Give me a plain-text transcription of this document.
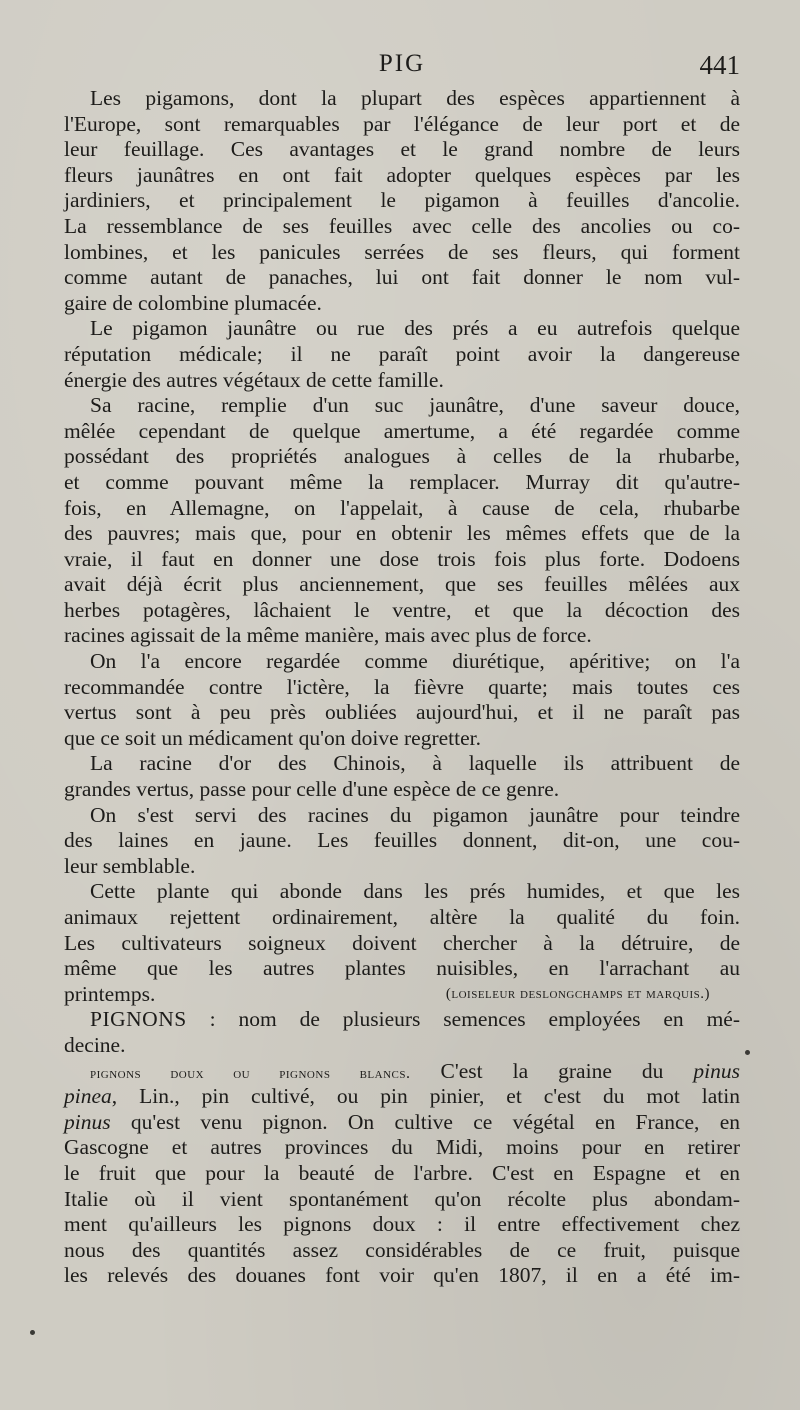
PIG	441
Les pigamons, dont la plupart des espèces appartiennent à
l'Europe, sont remarquables par l'élégance de leur port et de
leur feuillage. Ces avantages et le grand nombre de leurs
fleurs jaunâtres en ont fait adopter quelques espèces par les
jardiniers, et principalement le pigamon à feuilles d'ancolie.
La ressemblance de ses feuilles avec celle des ancolies ou co-
lombines, et les panicules serrées de ses fleurs, qui forment
comme autant de panaches, lui ont fait donner le nom vul-
gaire de colombine plumacée.
Le pigamon jaunâtre ou rue des prés a eu autrefois quelque
réputation médicale; il ne paraît point avoir la dangereuse
énergie des autres végétaux de cette famille.
Sa racine, remplie d'un suc jaunâtre, d'une saveur douce,
mêlée cependant de quelque amertume, a été regardée comme
possédant des propriétés analogues à celles de la rhubarbe,
et comme pouvant même la remplacer. Murray dit qu'autre-
fois, en Allemagne, on l'appelait, à cause de cela, rhubarbe
des pauvres; mais que, pour en obtenir les mêmes effets que de la
vraie, il faut en donner une dose trois fois plus forte. Dodoens
avait déjà écrit plus anciennement, que ses feuilles mêlées aux
herbes potagères, lâchaient le ventre, et que la décoction des
racines agissait de la même manière, mais avec plus de force.
On l'a encore regardée comme diurétique, apéritive; on l'a
recommandée contre l'ictère, la fièvre quarte; mais toutes ces
vertus sont à peu près oubliées aujourd'hui, et il ne paraît pas
que ce soit un médicament qu'on doive regretter.
La racine d'or des Chinois, à laquelle ils attribuent de
grandes vertus, passe pour celle d'une espèce de ce genre.
On s'est servi des racines du pigamon jaunâtre pour teindre
des laines en jaune. Les feuilles donnent, dit-on, une cou-
leur semblable.
Cette plante qui abonde dans les prés humides, et que les
animaux rejettent ordinairement, altère la qualité du foin.
Les cultivateurs soigneux doivent chercher à la détruire, de
même que les autres plantes nuisibles, en l'arrachant au
printemps.	(loiseleur deslongchamps et marquis.)
PIGNONS : nom de plusieurs semences employées en mé-
decine.
pignons doux ou pignons blancs. C'est la graine du pinus
pinea, Lin., pin cultivé, ou pin pinier, et c'est du mot latin
pinus qu'est venu pignon. On cultive ce végétal en France, en
Gascogne et autres provinces du Midi, moins pour en retirer
le fruit que pour la beauté de l'arbre. C'est en Espagne et en
Italie où il vient spontanément qu'on récolte plus abondam-
ment qu'ailleurs les pignons doux : il entre effectivement chez
nous des quantités assez considérables de ce fruit, puisque
les relevés des douanes font voir qu'en 1807, il en a été im-
